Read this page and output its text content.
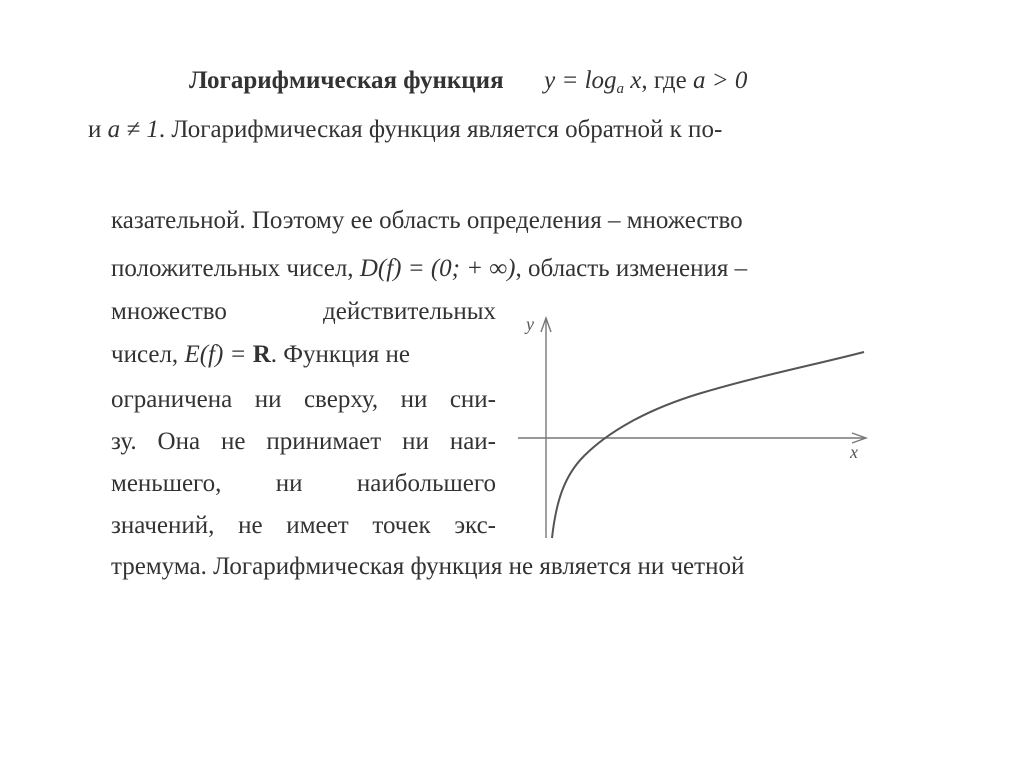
Логарифмическая функция $y = \log_a x$, где a > 0
и a ≠ 1. Логарифмическая функция является обратной к по-
казательной. Поэтому ее область определения – множество
положительных чисел, D(f) = (0; + ∞), область изменения –
множество действительных
чисел, E(f) = R. Функция не
ограничена ни сверху, ни сни-
зу. Она не принимает ни наи-
меньшего, ни наибольшего
значений, не имеет точек экс-
тремума. Логарифмическая функция не является ни четной
y
x
